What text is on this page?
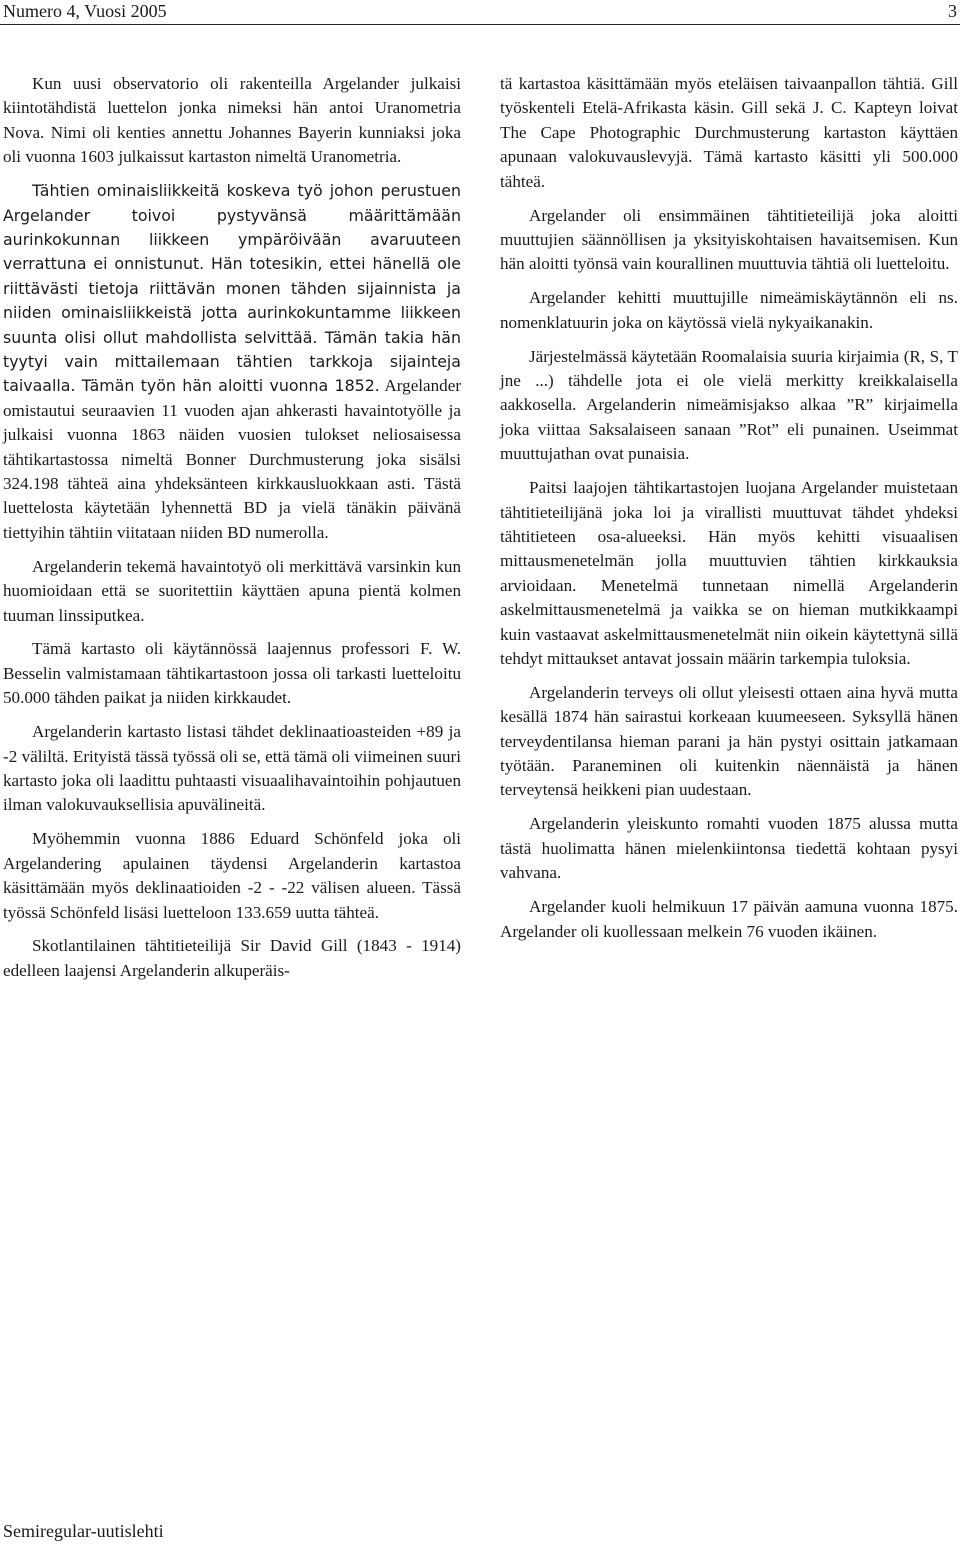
Numero 4, Vuosi 2005	3

Kun uusi observatorio oli rakenteilla Argelander julkaisi kiintotähdistä luettelon jonka nimeksi hän antoi Uranometria Nova. Nimi oli kenties annettu Johannes Bayerin kunniaksi joka oli vuonna 1603 julkaissut kartaston nimeltä Uranometria.

Tähtien ominaisliikkeitä koskeva työ johon perustuen Argelander toivoi pystyvänsä määrittämään aurinkokunnan liikkeen ympäröivään avaruuteen verrattuna ei onnistunut. Hän totesikin, ettei hänellä ole riittävästi tietoja riittävän monen tähden sijainnista ja niiden ominaisliikkeistä jotta aurinkokuntamme liikkeen suunta olisi ollut mahdollista selvittää. Tämän takia hän tyytyi vain mittailemaan tähtien tarkkoja sijainteja taivaalla. Tämän työn hän aloitti vuonna 1852. Argelander omistautui seuraavien 11 vuoden ajan ahkerasti havaintotyölle ja julkaisi vuonna 1863 näiden vuosien tulokset neliosaisessa tähtikartastossa nimeltä Bonner Durchmusterung joka sisälsi 324.198 tähteä aina yhdeksänteen kirkkausluokkaan asti. Tästä luettelosta käytetään lyhennettä BD ja vielä tänäkin päivänä tiettyihin tähtiin viitataan niiden BD numerolla.

Argelanderin tekemä havaintotyö oli merkittävä varsinkin kun huomioidaan että se suoritettiin käyttäen apuna pientä kolmen tuuman linssiputkea.

Tämä kartasto oli käytännössä laajennus professori F. W. Besselin valmistamaan tähtikartastoon jossa oli tarkasti luetteloitu 50.000 tähden paikat ja niiden kirkkaudet.

Argelanderin kartasto listasi tähdet deklinaatioasteiden +89 ja -2 väliltä. Erityistä tässä työssä oli se, että tämä oli viimeinen suuri kartasto joka oli laadittu puhtaasti visuaalihavaintoihin pohjautuen ilman valokuvauksellisia apuvälineitä.

Myöhemmin vuonna 1886 Eduard Schönfeld joka oli Argelandering apulainen täydensi Argelanderin kartastoa käsittämään myös deklinaatioiden -2 - -22 välisen alueen. Tässä työssä Schönfeld lisäsi luetteloon 133.659 uutta tähteä.

Skotlantilainen tähtitieteilijä Sir David Gill (1843 - 1914) edelleen laajensi Argelanderin alkuperäis-

tä kartastoa käsittämään myös eteläisen taivaanpallon tähtiä. Gill työskenteli Etelä-Afrikasta käsin. Gill sekä J. C. Kapteyn loivat The Cape Photographic Durchmusterung kartaston käyttäen apunaan valokuvauslevyjä. Tämä kartasto käsitti yli 500.000 tähteä.

Argelander oli ensimmäinen tähtitieteilijä joka aloitti muuttujien säännöllisen ja yksityiskohtaisen havaitsemisen. Kun hän aloitti työnsä vain kourallinen muuttuvia tähtiä oli luetteloitu.

Argelander kehitti muuttujille nimeämiskäytännön eli ns. nomenklatuurin joka on käytössä vielä nykyaikanakin.

Järjestelmässä käytetään Roomalaisia suuria kirjaimia (R, S, T jne ...) tähdelle jota ei ole vielä merkitty kreikkalaisella aakkosella. Argelanderin nimeämisjakso alkaa ”R” kirjaimella joka viittaa Saksalaiseen sanaan ”Rot” eli punainen. Useimmat muuttujathan ovat punaisia.

Paitsi laajojen tähtikartastojen luojana Argelander muistetaan tähtitieteilijänä joka loi ja virallisti muuttuvat tähdet yhdeksi tähtitieteen osa-alueeksi. Hän myös kehitti visuaalisen mittausmenetelmän jolla muuttuvien tähtien kirkkauksia arvioidaan. Menetelmä tunnetaan nimellä Argelanderin askelmittausmenetelmä ja vaikka se on hieman mutkikkaampi kuin vastaavat askelmittausmenetelmät niin oikein käytettynä sillä tehdyt mittaukset antavat jossain määrin tarkempia tuloksia.

Argelanderin terveys oli ollut yleisesti ottaen aina hyvä mutta kesällä 1874 hän sairastui korkeaan kuumeeseen. Syksyllä hänen terveydentilansa hieman parani ja hän pystyi osittain jatkamaan työtään. Paraneminen oli kuitenkin näennäistä ja hänen terveytensä heikkeni pian uudestaan.

Argelanderin yleiskunto romahti vuoden 1875 alussa mutta tästä huolimatta hänen mielenkiintonsa tiedettä kohtaan pysyi vahvana.

Argelander kuoli helmikuun 17 päivän aamuna vuonna 1875. Argelander oli kuollessaan melkein 76 vuoden ikäinen.

Semiregular-uutislehti
